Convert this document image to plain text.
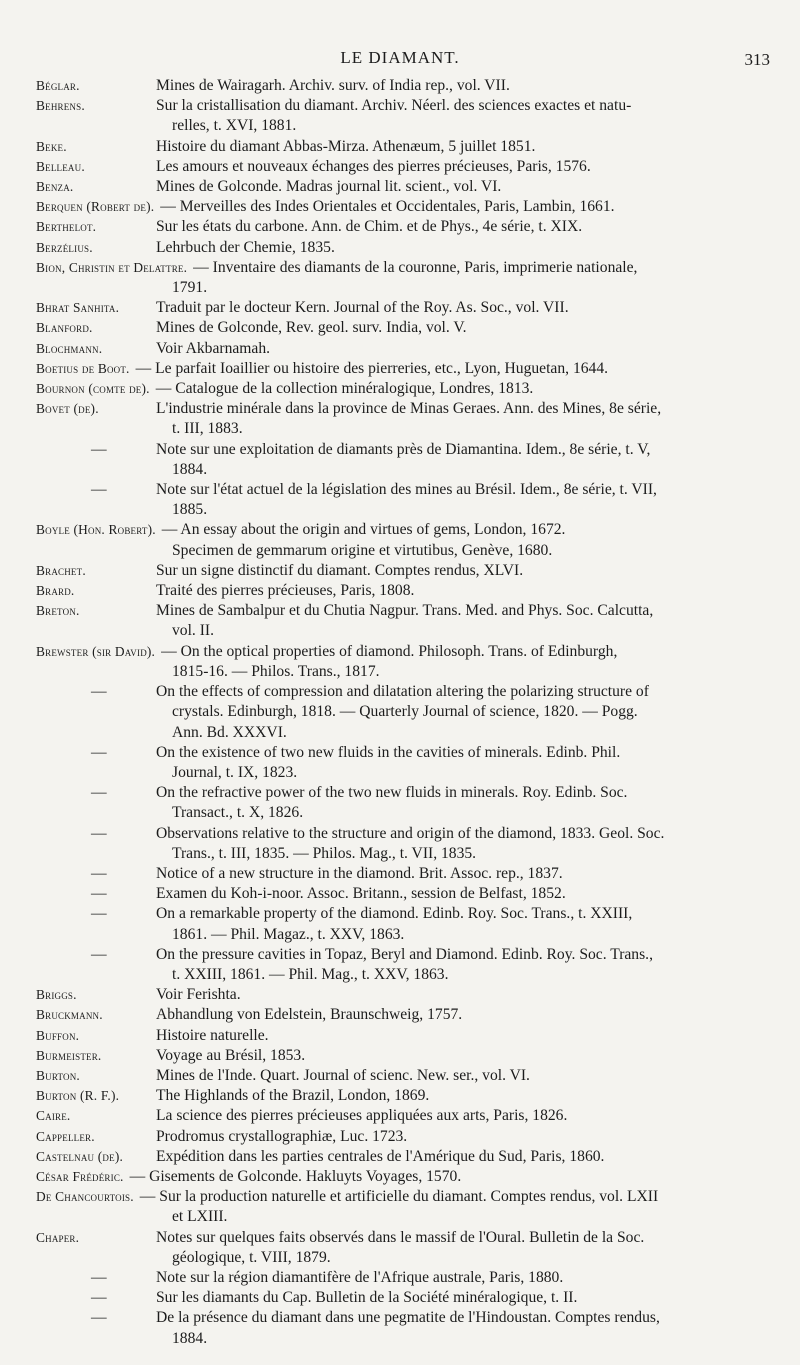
LE DIAMANT.	313
Béglar.	Mines de Wairagarh. Archiv. surv. of India rep., vol. VII.
Behrens.	Sur la cristallisation du diamant. Archiv. Néerl. des sciences exactes et natu-
relles, t. XVI, 1881.
Beke.	Histoire du diamant Abbas-Mirza. Athenæum, 5 juillet 1851.
Belleau.	Les amours et nouveaux échanges des pierres précieuses, Paris, 1576.
Benza.	Mines de Golconde. Madras journal lit. scient., vol. VI.
Berquen (Robert de). — Merveilles des Indes Orientales et Occidentales, Paris, Lambin, 1661.
Berthelot.	Sur les états du carbone. Ann. de Chim. et de Phys., 4e série, t. XIX.
Berzélius.	Lehrbuch der Chemie, 1835.
Bion, Christin et Delattre. — Inventaire des diamants de la couronne, Paris, imprimerie nationale,
1791.
Bhrat Sanhita.	Traduit par le docteur Kern. Journal of the Roy. As. Soc., vol. VII.
Blanford.	Mines de Golconde, Rev. geol. surv. India, vol. V.
Blochmann.	Voir Akbarnamah.
Boetius de Boot. — Le parfait Ioaillier ou histoire des pierreries, etc., Lyon, Huguetan, 1644.
Bournon (comte de). — Catalogue de la collection minéralogique, Londres, 1813.
Bovet (de).	L'industrie minérale dans la province de Minas Geraes. Ann. des Mines, 8e série,
t. III, 1883.
—	Note sur une exploitation de diamants près de Diamantina. Idem., 8e série, t. V,
1884.
—	Note sur l'état actuel de la législation des mines au Brésil. Idem., 8e série, t. VII,
1885.
Boyle (Hon. Robert). — An essay about the origin and virtues of gems, London, 1672.
Specimen de gemmarum origine et virtutibus, Genève, 1680.
Brachet.	Sur un signe distinctif du diamant. Comptes rendus, XLVI.
Brard.	Traité des pierres précieuses, Paris, 1808.
Breton.	Mines de Sambalpur et du Chutia Nagpur. Trans. Med. and Phys. Soc. Calcutta,
vol. II.
Brewster (sir David). — On the optical properties of diamond. Philosoph. Trans. of Edinburgh,
1815-16. — Philos. Trans., 1817.
—	On the effects of compression and dilatation altering the polarizing structure of
crystals. Edinburgh, 1818. — Quarterly Journal of science, 1820. — Pogg.
Ann. Bd. XXXVI.
—	On the existence of two new fluids in the cavities of minerals. Edinb. Phil.
Journal, t. IX, 1823.
—	On the refractive power of the two new fluids in minerals. Roy. Edinb. Soc.
Transact., t. X, 1826.
—	Observations relative to the structure and origin of the diamond, 1833. Geol. Soc.
Trans., t. III, 1835. — Philos. Mag., t. VII, 1835.
—	Notice of a new structure in the diamond. Brit. Assoc. rep., 1837.
—	Examen du Koh-i-noor. Assoc. Britann., session de Belfast, 1852.
—	On a remarkable property of the diamond. Edinb. Roy. Soc. Trans., t. XXIII,
1861. — Phil. Magaz., t. XXV, 1863.
—	On the pressure cavities in Topaz, Beryl and Diamond. Edinb. Roy. Soc. Trans.,
t. XXIII, 1861. — Phil. Mag., t. XXV, 1863.
Briggs.	Voir Ferishta.
Bruckmann.	Abhandlung von Edelstein, Braunschweig, 1757.
Buffon.	Histoire naturelle.
Burmeister.	Voyage au Brésil, 1853.
Burton.	Mines de l'Inde. Quart. Journal of scienc. New. ser., vol. VI.
Burton (R. F.).	The Highlands of the Brazil, London, 1869.
Caire.	La science des pierres précieuses appliquées aux arts, Paris, 1826.
Cappeller.	Prodromus crystallographiæ, Luc. 1723.
Castelnau (de).	Expédition dans les parties centrales de l'Amérique du Sud, Paris, 1860.
César Frédéric. — Gisements de Golconde. Hakluyts Voyages, 1570.
De Chancourtois. — Sur la production naturelle et artificielle du diamant. Comptes rendus, vol. LXII
et LXIII.
Chaper.	Notes sur quelques faits observés dans le massif de l'Oural. Bulletin de la Soc.
géologique, t. VIII, 1879.
—	Note sur la région diamantifère de l'Afrique australe, Paris, 1880.
—	Sur les diamants du Cap. Bulletin de la Société minéralogique, t. II.
—	De la présence du diamant dans une pegmatite de l'Hindoustan. Comptes rendus,
1884.
